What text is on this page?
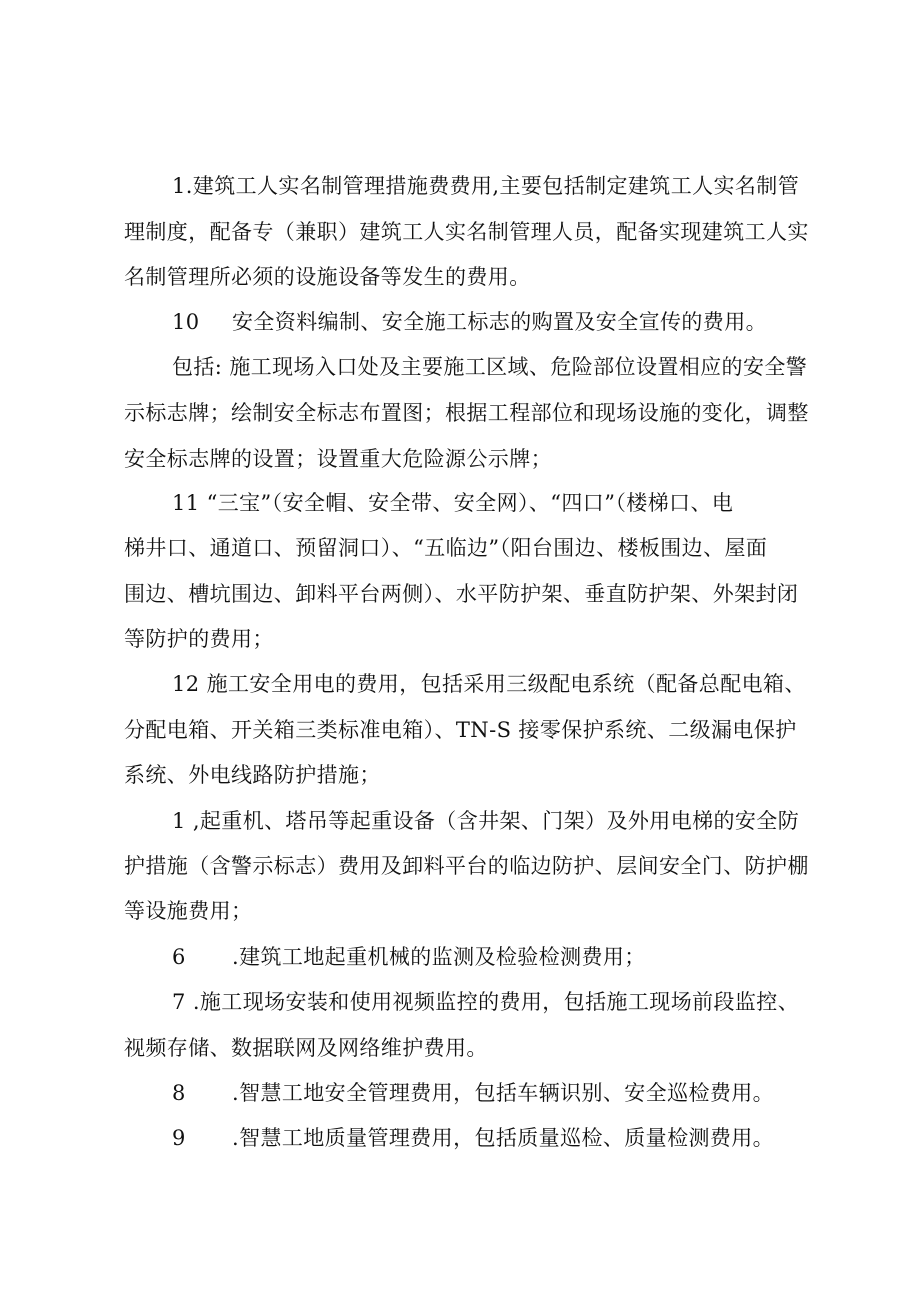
1.建筑工人实名制管理措施费费用,主要包括制定建筑工人实名制管
理制度，配备专（兼职）建筑工人实名制管理人员，配备实现建筑工人实
名制管理所必须的设施设备等发生的费用。
10 安全资料编制、安全施工标志的购置及安全宣传的费用。
包括: 施工现场入口处及主要施工区域、危险部位设置相应的安全警
示标志牌；绘制安全标志布置图；根据工程部位和现场设施的变化，调整
安全标志牌的设置；设置重大危险源公示牌；
11 “三宝”（安全帽、安全带、安全网）、“四口”（楼梯口、电
梯井口、通道口、预留洞口）、“五临边”（阳台围边、楼板围边、屋面
围边、槽坑围边、卸料平台两侧）、水平防护架、垂直防护架、外架封闭
等防护的费用；
12 施工安全用电的费用，包括采用三级配电系统（配备总配电箱、
分配电箱、开关箱三类标准电箱）、TN-S 接零保护系统、二级漏电保护
系统、外电线路防护措施；
1 ,起重机、塔吊等起重设备（含井架、门架）及外用电梯的安全防
护措施（含警示标志）费用及卸料平台的临边防护、层间安全门、防护棚
等设施费用；
6 .建筑工地起重机械的监测及检验检测费用；
7 .施工现场安装和使用视频监控的费用，包括施工现场前段监控、
视频存储、数据联网及网络维护费用。
8 .智慧工地安全管理费用，包括车辆识别、安全巡检费用。
9 .智慧工地质量管理费用，包括质量巡检、质量检测费用。
